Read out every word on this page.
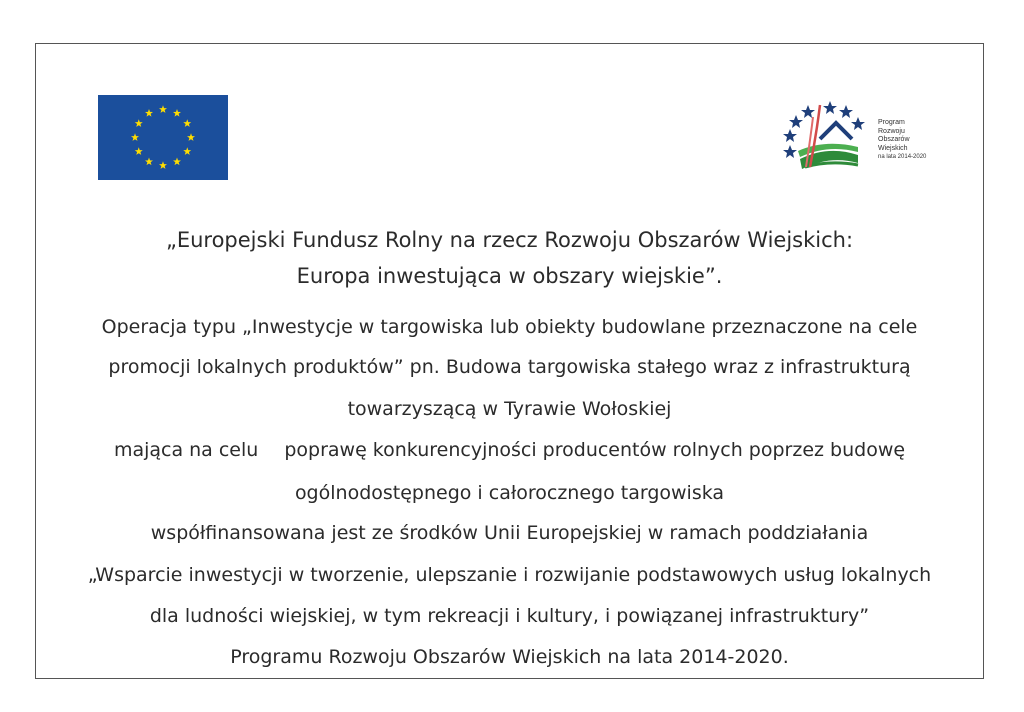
Program
Rozwoju
Obszarów
Wiejskich
na lata 2014-2020
„Europejski Fundusz Rolny na rzecz Rozwoju Obszarów Wiejskich:
Europa inwestująca w obszary wiejskie”.
Operacja typu „Inwestycje w targowiska lub obiekty budowlane przeznaczone na cele
promocji lokalnych produktów” pn. Budowa targowiska stałego wraz z infrastrukturą
towarzyszącą w Tyrawie Wołoskiej
mająca na celu poprawę konkurencyjności producentów rolnych poprzez budowę
ogólnodostępnego i całorocznego targowiska
współfinansowana jest ze środków Unii Europejskiej w ramach poddziałania
„Wsparcie inwestycji w tworzenie, ulepszanie i rozwijanie podstawowych usług lokalnych
dla ludności wiejskiej, w tym rekreacji i kultury, i powiązanej infrastruktury”
Programu Rozwoju Obszarów Wiejskich na lata 2014-2020.
